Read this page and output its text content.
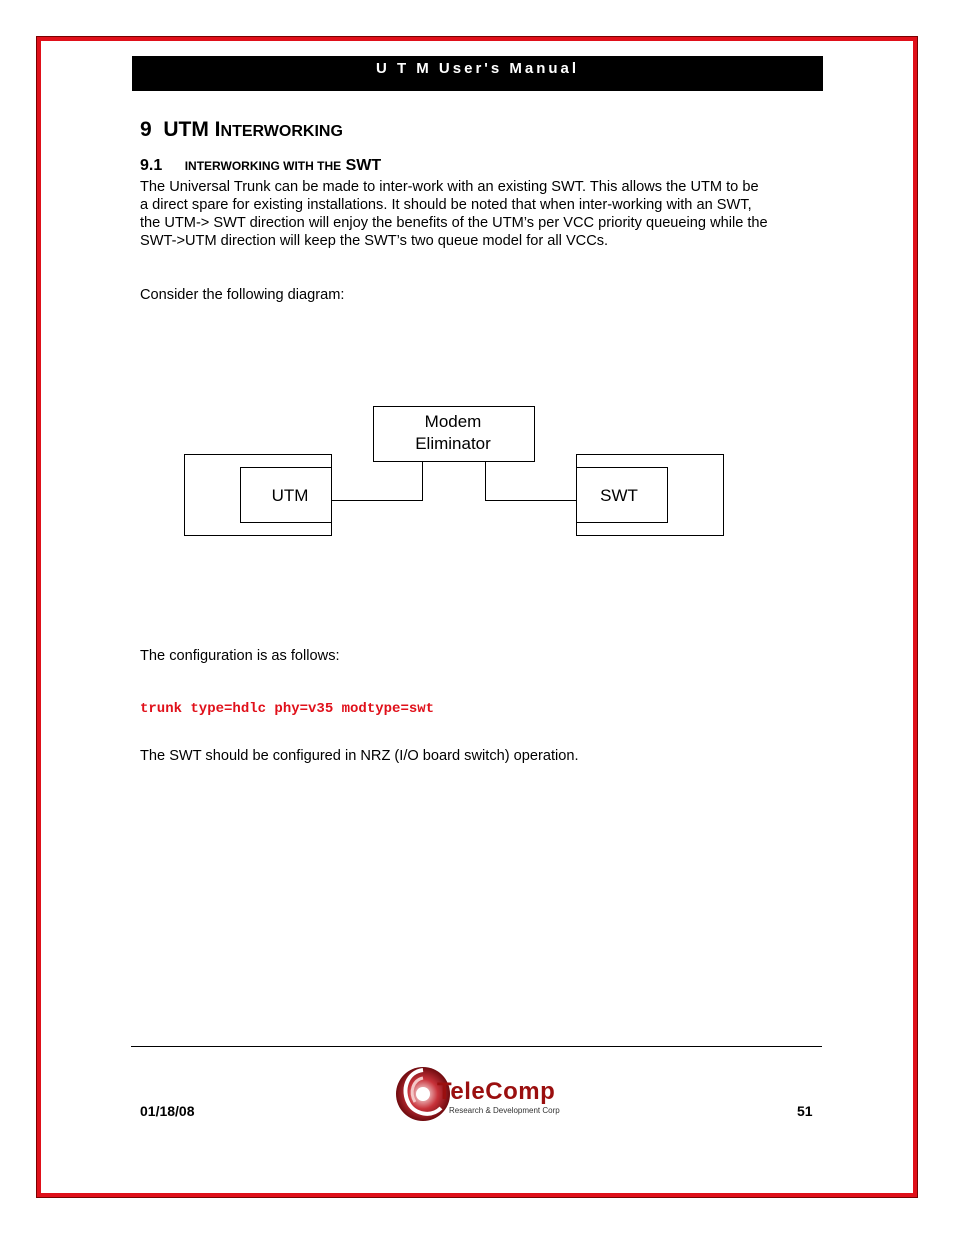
U T M User's Manual
9 UTM INTERWORKING
9.1 INTERWORKING WITH THE SWT
The Universal Trunk can be made to inter-work with an existing SWT. This allows the UTM to be
a direct spare for existing installations. It should be noted that when inter-working with an SWT,
the UTM-> SWT direction will enjoy the benefits of the UTM’s per VCC priority queueing while the
SWT->UTM direction will keep the SWT’s two queue model for all VCCs.
Consider the following diagram:
Modem
Eliminator
UTM	SWT
The configuration is as follows:
trunk type=hdlc phy=v35 modtype=swt
The SWT should be configured in NRZ (I/O board switch) operation.
01/18/08
TeleComp
Research & Development Corp	51
